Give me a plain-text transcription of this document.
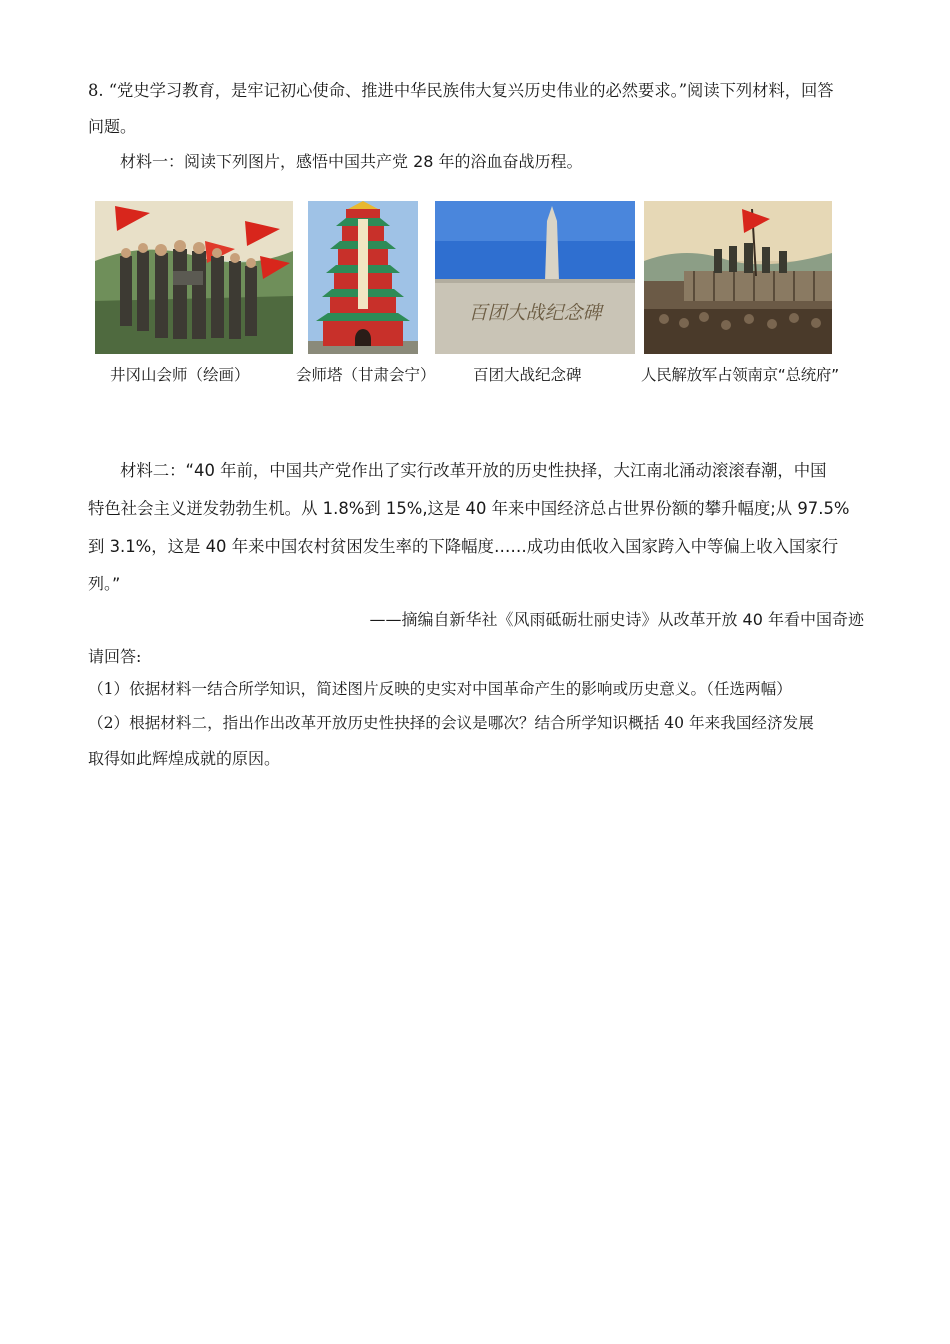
8. “党史学习教育，是牢记初心使命、推进中华民族伟大复兴历史伟业的必然要求。”阅读下列材料，回答
问题。
材料一：阅读下列图片，感悟中国共产党 28 年的浴血奋战历程。
百团大战纪念碑
井冈山会师（绘画）	会师塔（甘肃会宁） 百团大战纪念碑	人民解放军占领南京“总统府”
材料二：“40 年前，中国共产党作出了实行改革开放的历史性抉择，大江南北涌动滚滚春潮，中国
特色社会主义迸发勃勃生机。从 1.8%到 15%,这是 40 年来中国经济总占世界份额的攀升幅度;从 97.5%
到 3.1%，这是 40 年来中国农村贫困发生率的下降幅度……成功由低收入国家跨入中等偏上收入国家行
列。”
——摘编自新华社《风雨砥砺壮丽史诗》从改革开放 40 年看中国奇迹
请回答:
（1）依据材料一结合所学知识，简述图片反映的史实对中国革命产生的影响或历史意义。（任选两幅）
（2）根据材料二，指出作出改革开放历史性抉择的会议是哪次？结合所学知识概括 40 年来我国经济发展
取得如此辉煌成就的原因。
